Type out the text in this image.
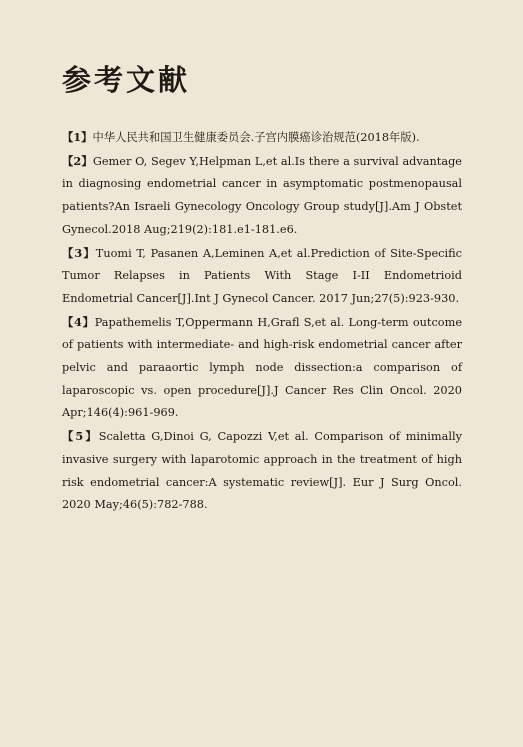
参考文献
【1】中华人民共和国卫生健康委员会.子宫内膜癌诊治规范(2018年版).
【2】Gemer O, Segev Y,Helpman L,et al.Is there a survival advantage in diagnosing endometrial cancer in asymptomatic postmenopausal patients?An Israeli Gynecology Oncology Group study[J].Am J Obstet Gynecol.2018 Aug;219(2):181.e1-181.e6.
【3】Tuomi T, Pasanen A,Leminen A,et al.Prediction of Site-Specific Tumor Relapses in Patients With Stage I-II Endometrioid Endometrial Cancer[J].Int J Gynecol Cancer. 2017 Jun;27(5):923-930.
【4】Papathemelis T,Oppermann H,Grafl S,et al. Long-term outcome of patients with intermediate- and high-risk endometrial cancer after pelvic and paraaortic lymph node dissection:a comparison of laparoscopic vs. open procedure[J].J Cancer Res Clin Oncol. 2020 Apr;146(4):961-969.
【5】Scaletta G,Dinoi G, Capozzi V,et al. Comparison of minimally invasive surgery with laparotomic approach in the treatment of high risk endometrial cancer:A systematic review[J]. Eur J Surg Oncol. 2020 May;46(5):782-788.
